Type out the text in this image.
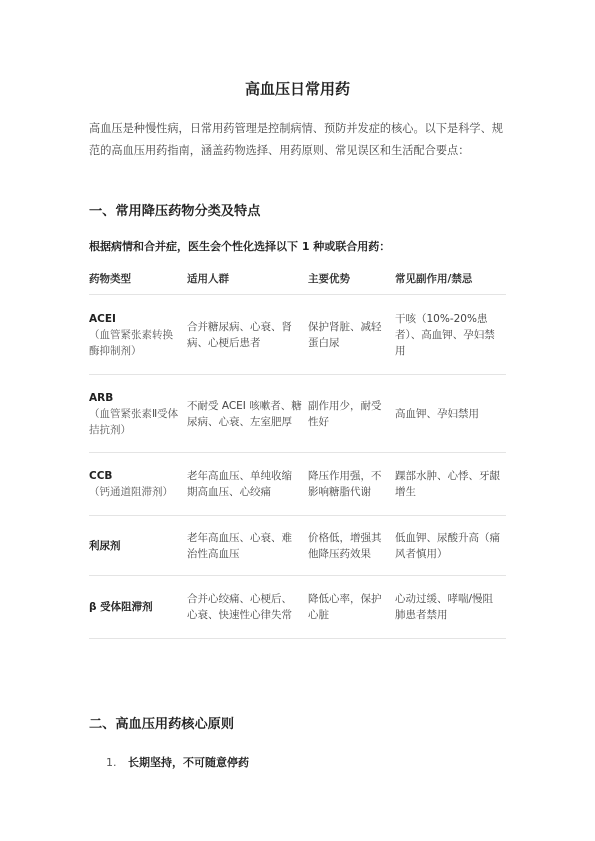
高血压日常用药

高血压是种慢性病，日常用药管理是控制病情、预防并发症的核心。以下是科学、规范的高血压用药指南，涵盖药物选择、用药原则、常见误区和生活配合要点：

一、常用降压药物分类及特点

根据病情和合并症，医生会个性化选择以下 1 种或联合用药：

药物类型	适用人群	主要优势	常见副作用/禁忌

ACEI
（血管紧张素转换酶抑制剂）	合并糖尿病、心衰、肾病、心梗后患者	保护肾脏、减轻蛋白尿	干咳（10%-20%患者）、高血钾、孕妇禁用

ARB
（血管紧张素Ⅱ受体拮抗剂）	不耐受 ACEI 咳嗽者、糖尿病、心衰、左室肥厚	副作用少，耐受性好	高血钾、孕妇禁用

CCB
（钙通道阻滞剂）	老年高血压、单纯收缩期高血压、心绞痛	降压作用强，不影响糖脂代谢	踝部水肿、心悸、牙龈增生

利尿剂	老年高血压、心衰、难治性高血压	价格低，增强其他降压药效果	低血钾、尿酸升高（痛风者慎用）

β 受体阻滞剂	合并心绞痛、心梗后、心衰、快速性心律失常	降低心率，保护心脏	心动过缓、哮喘/慢阻肺患者禁用
二、高血压用药核心原则

1. 长期坚持，不可随意停药
